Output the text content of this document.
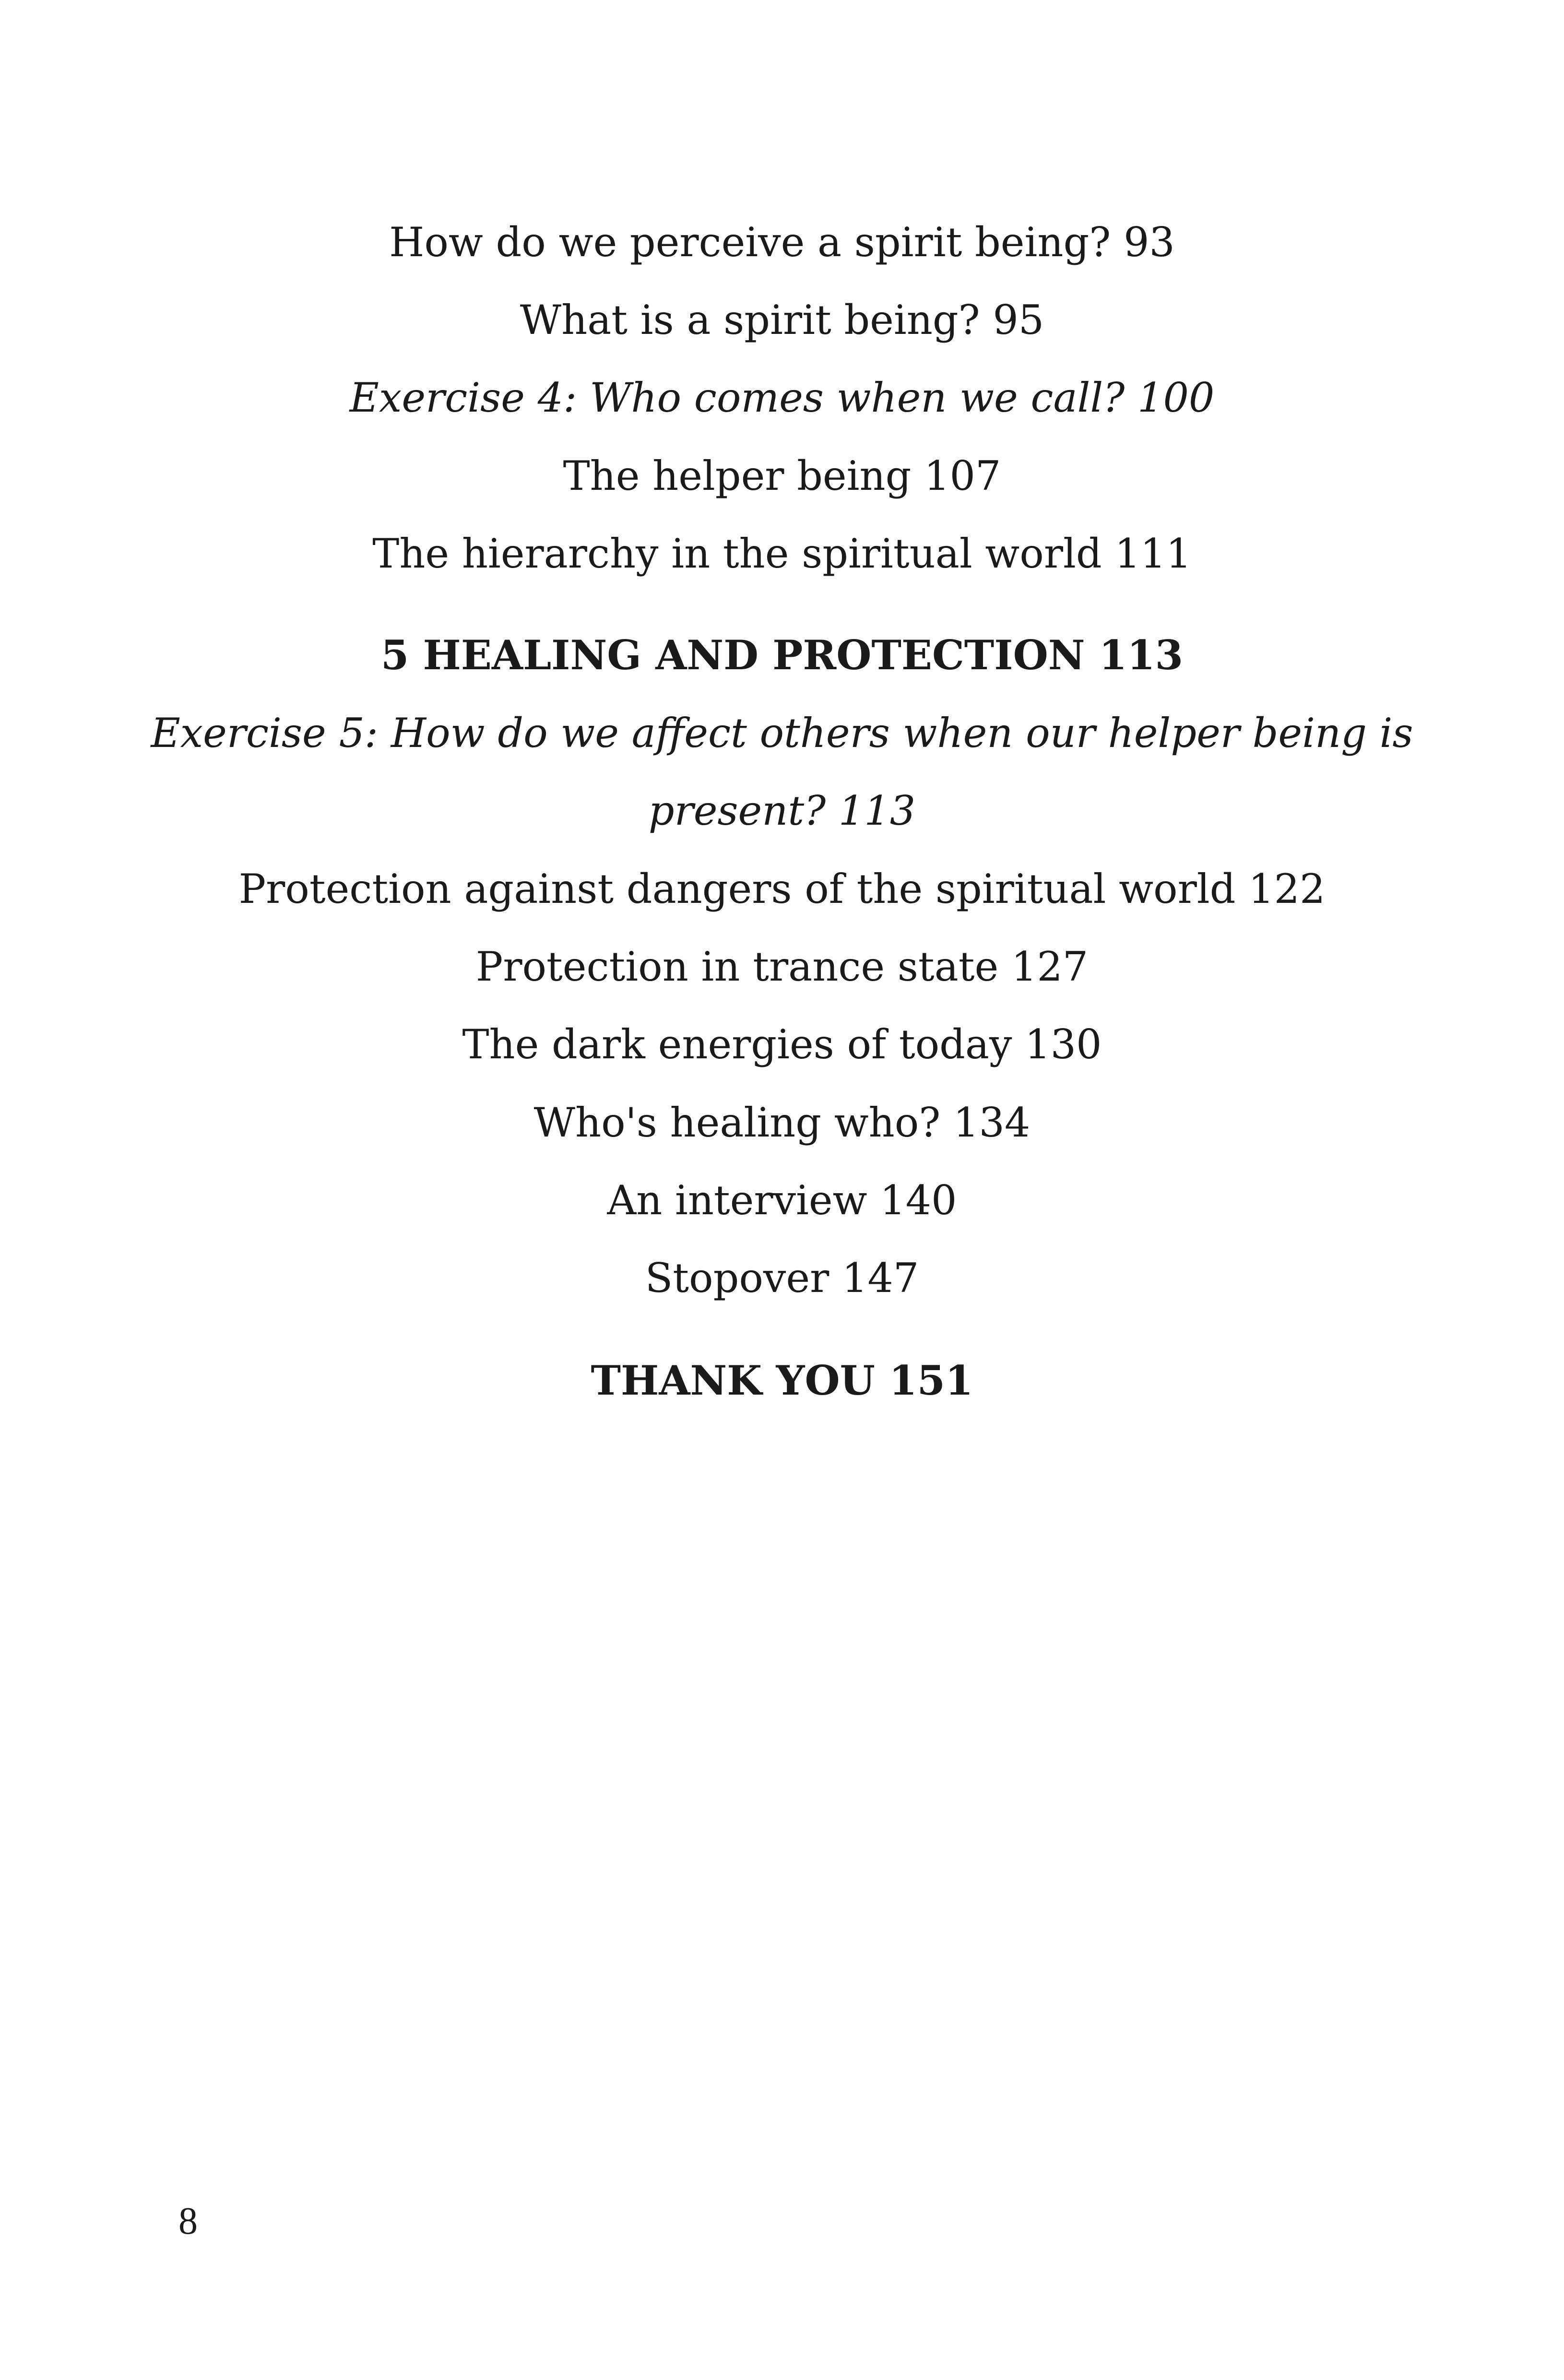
How do we perceive a spirit being? 93

What is a spirit being? 95

Exercise 4: Who comes when we call? 100

The helper being 107

The hierarchy in the spiritual world 111

5 HEALING AND PROTECTION 113

Exercise 5: How do we affect others when our helper being is

present? 113

Protection against dangers of the spiritual world 122

Protection in trance state 127

The dark energies of today 130

Who's healing who? 134

An interview 140

Stopover 147

THANK YOU 151

8
